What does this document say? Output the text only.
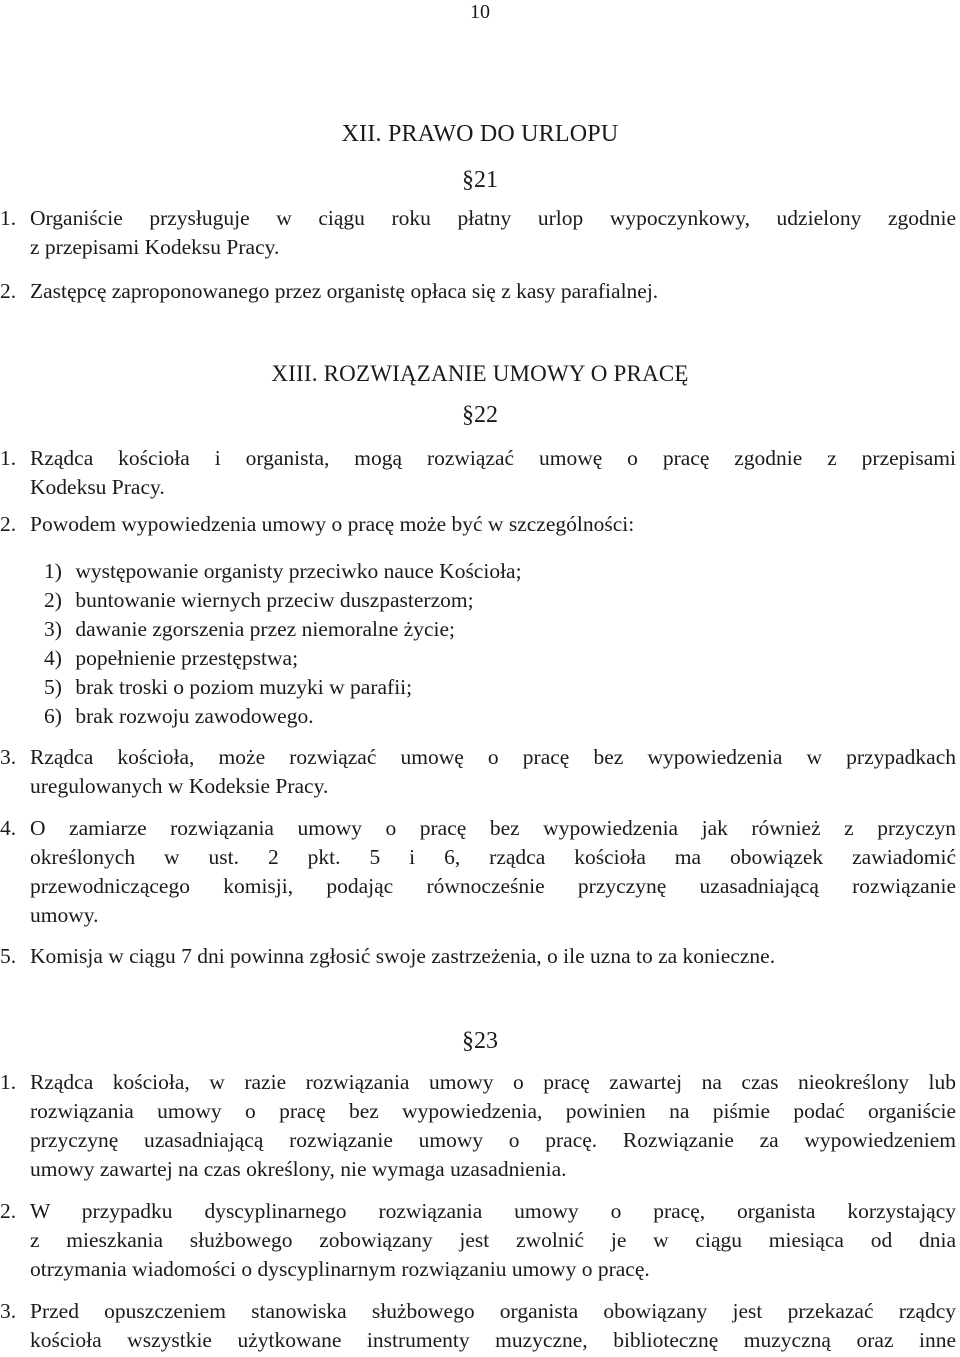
10
XII. PRAWO DO URLOPU
§21
1. Organiście przysługuje w ciągu roku płatny urlop wypoczynkowy, udzielony zgodnie
z przepisami Kodeksu Pracy.
2. Zastępcę zaproponowanego przez organistę opłaca się z kasy parafialnej.
XIII. ROZWIĄZANIE UMOWY O PRACĘ
§22
1. Rządca kościoła i organista, mogą rozwiązać umowę o pracę zgodnie z przepisami
Kodeksu Pracy.
2. Powodem wypowiedzenia umowy o pracę może być w szczególności:
1) występowanie organisty przeciwko nauce Kościoła;
2) buntowanie wiernych przeciw duszpasterzom;
3) dawanie zgorszenia przez niemoralne życie;
4) popełnienie przestępstwa;
5) brak troski o poziom muzyki w parafii;
6) brak rozwoju zawodowego.
3. Rządca kościoła, może rozwiązać umowę o pracę bez wypowiedzenia w przypadkach
uregulowanych w Kodeksie Pracy.
4. O zamiarze rozwiązania umowy o pracę bez wypowiedzenia jak również z przyczyn
określonych w ust. 2 pkt. 5 i 6, rządca kościoła ma obowiązek zawiadomić
przewodniczącego komisji, podając równocześnie przyczynę uzasadniającą rozwiązanie
umowy.
5. Komisja w ciągu 7 dni powinna zgłosić swoje zastrzeżenia, o ile uzna to za konieczne.
§23
1. Rządca kościoła, w razie rozwiązania umowy o pracę zawartej na czas nieokreślony lub
rozwiązania umowy o pracę bez wypowiedzenia, powinien na piśmie podać organiście
przyczynę uzasadniającą rozwiązanie umowy o pracę. Rozwiązanie za wypowiedzeniem
umowy zawartej na czas określony, nie wymaga uzasadnienia.
2. W przypadku dyscyplinarnego rozwiązania umowy o pracę, organista korzystający
z mieszkania służbowego zobowiązany jest zwolnić je w ciągu miesiąca od dnia
otrzymania wiadomości o dyscyplinarnym rozwiązaniu umowy o pracę.
3. Przed opuszczeniem stanowiska służbowego organista obowiązany jest przekazać rządcy
kościoła wszystkie użytkowane instrumenty muzyczne, bibliotecznę muzyczną oraz inne
